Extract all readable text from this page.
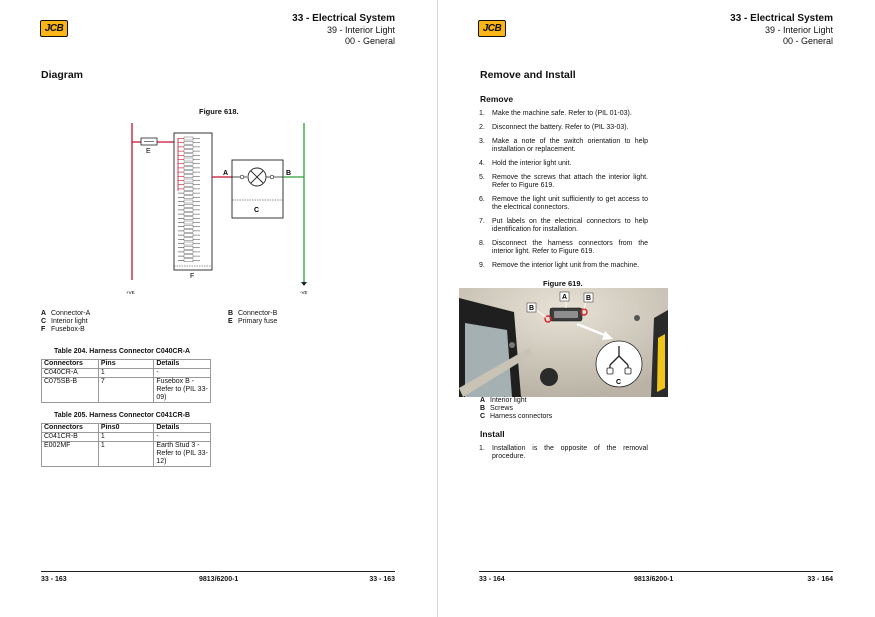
JCB
33 - Electrical System
39 - Interior Light
00 - General
Diagram
Figure 618.
E
+VE
F
A
C
B
-VE
A Connector-A
C Interior light
F Fusebox-B
B Connector-B
E Primary fuse
Table 204. Harness Connector C040CR-A
Connectors	Pins	Details
C040CR-A	1	-
C075SB-B	7	Fusebox B - Refer to (PIL 33-09)
Table 205. Harness Connector C041CR-B
Connectors	Pins0	Details
C041CR-B	1	-
E002MF	1	Earth Stud 3 - Refer to (PIL 33-12)
33 - 163	9813/6200-1	33 - 163
JCB
33 - Electrical System
39 - Interior Light
00 - General
Remove and Install
Remove
1. Make the machine safe. Refer to (PIL 01-03).
2. Disconnect the battery. Refer to (PIL 33-03).
3. Make a note of the switch orientation to help installation or replacement.
4. Hold the interior light unit.
5. Remove the screws that attach the interior light. Refer to Figure 619.
6. Remove the light unit sufficiently to get access to the electrical connectors.
7. Put labels on the electrical connectors to help identification for installation.
8. Disconnect the harness connectors from the interior light. Refer to Figure 619.
9. Remove the interior light unit from the machine.
Figure 619.
B
A	B
C
A Interior light
B Screws
C Harness connectors
Install
1. Installation is the opposite of the removal procedure.
33 - 164	9813/6200-1	33 - 164
